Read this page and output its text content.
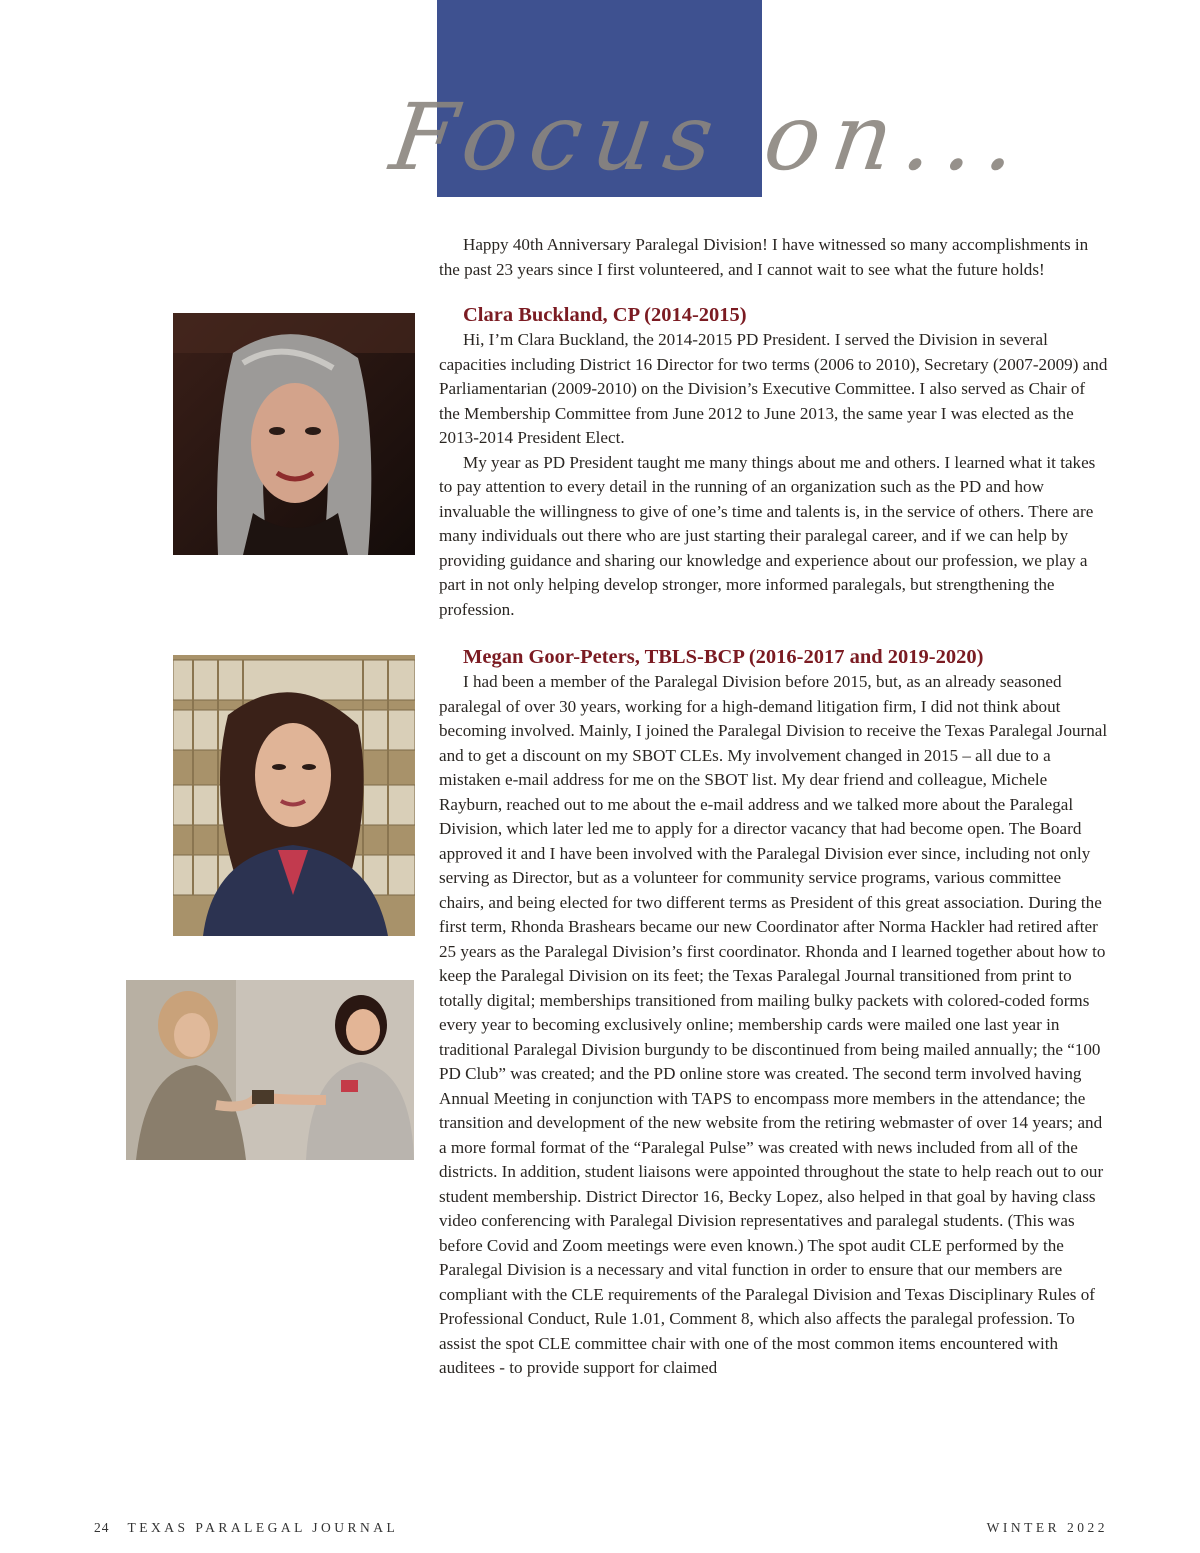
Focus on...

Happy 40th Anniversary Paralegal Division! I have witnessed so many accomplishments in the past 23 years since I first volunteered, and I cannot wait to see what the future holds!

Clara Buckland, CP (2014-2015)

Hi, I’m Clara Buckland, the 2014-2015 PD President. I served the Division in several capacities including District 16 Director for two terms (2006 to 2010), Secretary (2007-2009) and Parliamentarian (2009-2010) on the Division’s Executive Committee. I also served as Chair of the Membership Committee from June 2012 to June 2013, the same year I was elected as the 2013-2014 President Elect.

My year as PD President taught me many things about me and others. I learned what it takes to pay attention to every detail in the running of an organization such as the PD and how invaluable the willingness to give of one’s time and talents is, in the service of others. There are many individuals out there who are just starting their paralegal career, and if we can help by providing guidance and sharing our knowledge and experience about our profession, we play a part in not only helping develop stronger, more informed paralegals, but strengthening the profession.

Megan Goor-Peters, TBLS-BCP (2016-2017 and 2019-2020)

I had been a member of the Paralegal Division before 2015, but, as an already seasoned paralegal of over 30 years, working for a high-demand litigation firm, I did not think about becoming involved. Mainly, I joined the Paralegal Division to receive the Texas Paralegal Journal and to get a discount on my SBOT CLEs. My involvement changed in 2015 – all due to a mistaken e-mail address for me on the SBOT list. My dear friend and colleague, Michele Rayburn, reached out to me about the e-mail address and we talked more about the Paralegal Division, which later led me to apply for a director vacancy that had become open. The Board approved it and I have been involved with the Paralegal Division ever since, including not only serving as Director, but as a volunteer for community service programs, various committee chairs, and being elected for two different terms as President of this great association. During the first term, Rhonda Brashears became our new Coordinator after Norma Hackler had retired after 25 years as the Paralegal Division’s first coordinator. Rhonda and I learned together about how to keep the Paralegal Division on its feet; the Texas Paralegal Journal transitioned from print to totally digital; memberships transitioned from mailing bulky packets with colored-coded forms every year to becoming exclusively online; membership cards were mailed one last year in traditional Paralegal Division burgundy to be discontinued from being mailed annually; the “100 PD Club” was created; and the PD online store was created. The second term involved having Annual Meeting in conjunction with TAPS to encompass more members in the attendance; the transition and development of the new website from the retiring webmaster of over 14 years; and a more formal format of the “Paralegal Pulse” was created with news included from all of the districts. In addition, student liaisons were appointed throughout the state to help reach out to our student membership. District Director 16, Becky Lopez, also helped in that goal by having class video conferencing with Paralegal Division representatives and paralegal students. (This was before Covid and Zoom meetings were even known.) The spot audit CLE performed by the Paralegal Division is a necessary and vital function in order to ensure that our members are compliant with the CLE requirements of the Paralegal Division and Texas Disciplinary Rules of Professional Conduct, Rule 1.01, Comment 8, which also affects the paralegal profession. To assist the spot CLE committee chair with one of the most common items encountered with auditees - to provide support for claimed

24 TEXAS PARALEGAL JOURNAL	WINTER 2022
